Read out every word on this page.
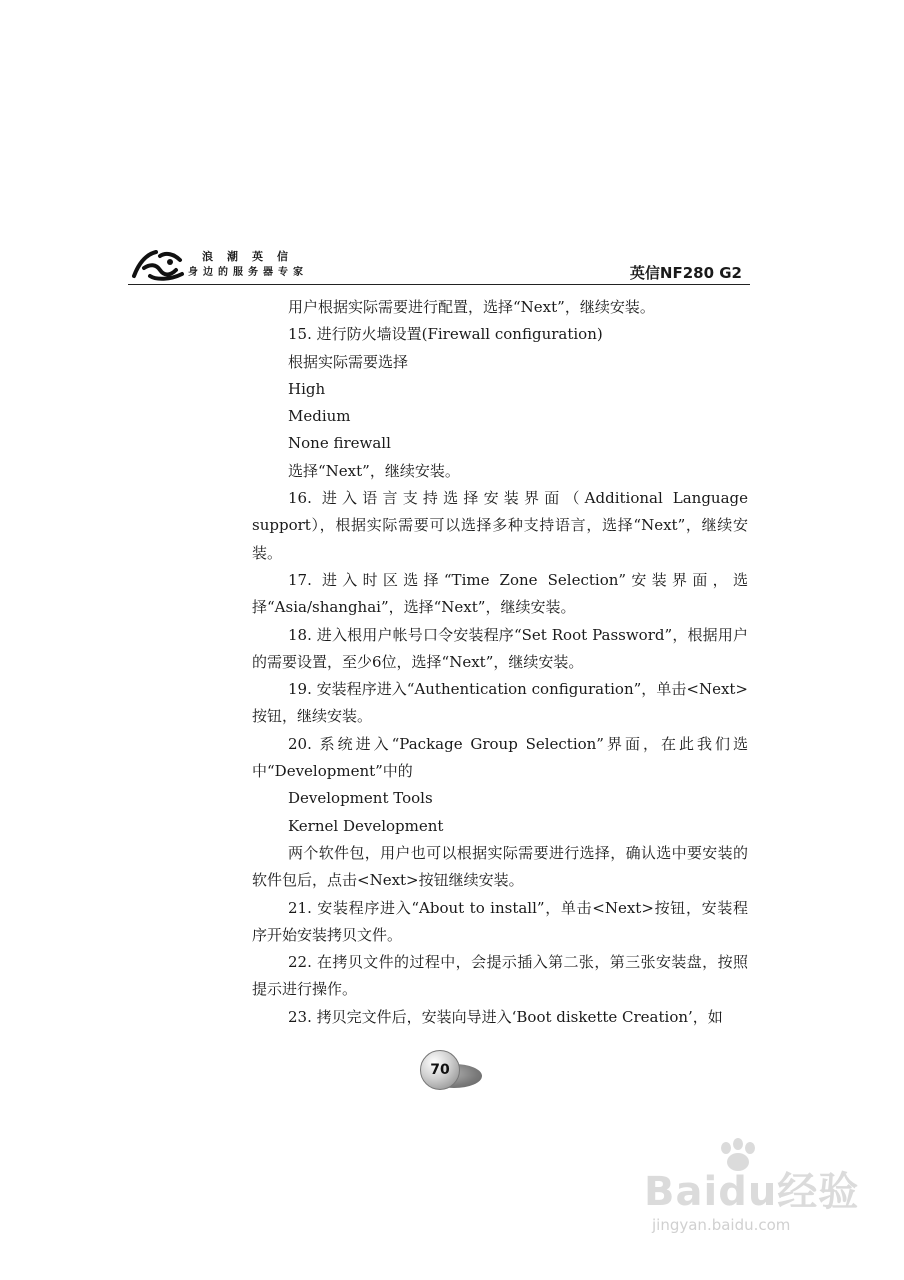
浪潮英信
身边的服务器专家	英信NF280 G2

用户根据实际需要进行配置，选择“Next”，继续安装。

15. 进行防火墙设置(Firewall configuration)

根据实际需要选择

High

Medium

None firewall

选择“Next”，继续安装。

16. 进入语言支持选择安装界面（Additional Language support），根据实际需要可以选择多种支持语言，选择“Next”，继续安装。

17. 进入时区选择“Time Zone Selection”安装界面，选择“Asia/shanghai”，选择“Next”，继续安装。

18. 进入根用户帐号口令安装程序“Set Root Password”，根据用户的需要设置，至少6位，选择“Next”，继续安装。

19. 安装程序进入“Authentication configuration”，单击<Next>按钮，继续安装。

20. 系统进入“Package Group Selection”界面，在此我们选中“Development”中的

Development Tools

Kernel Development

两个软件包，用户也可以根据实际需要进行选择，确认选中要安装的软件包后，点击<Next>按钮继续安装。

21. 安装程序进入“About to install”，单击<Next>按钮，安装程序开始安装拷贝文件。

22. 在拷贝文件的过程中，会提示插入第二张，第三张安装盘，按照提示进行操作。

23. 拷贝完文件后，安装向导进入‘Boot diskette Creation’，如

70
Baidu经验
jingyan.baidu.com
